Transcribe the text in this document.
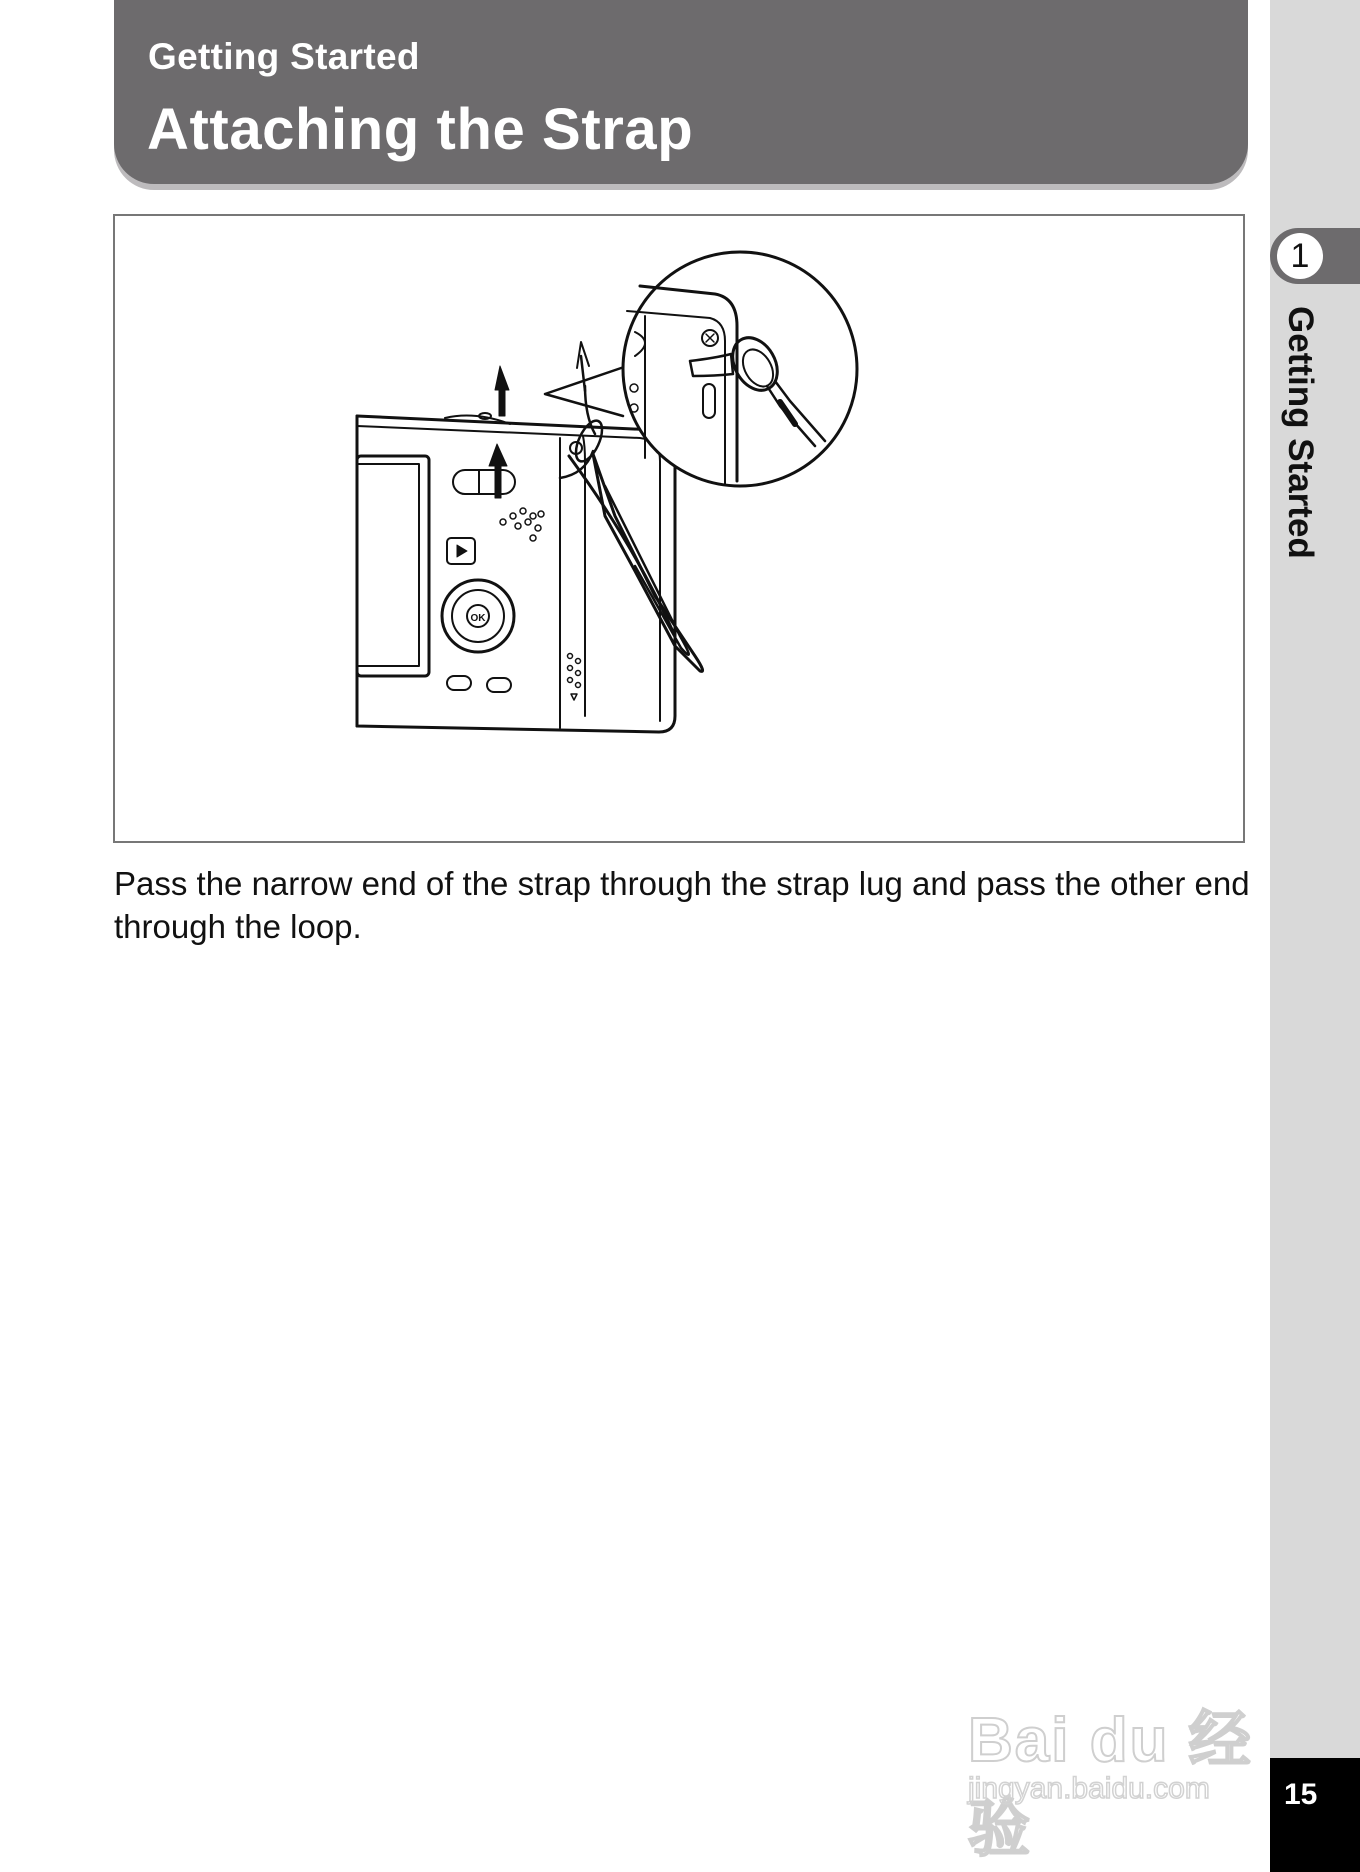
Getting Started
Attaching the Strap
1
Getting Started
OK
Pass the narrow end of the strap through the strap lug and pass the other end through the loop.
Bai du 经验
jingyan.baidu.com 15
